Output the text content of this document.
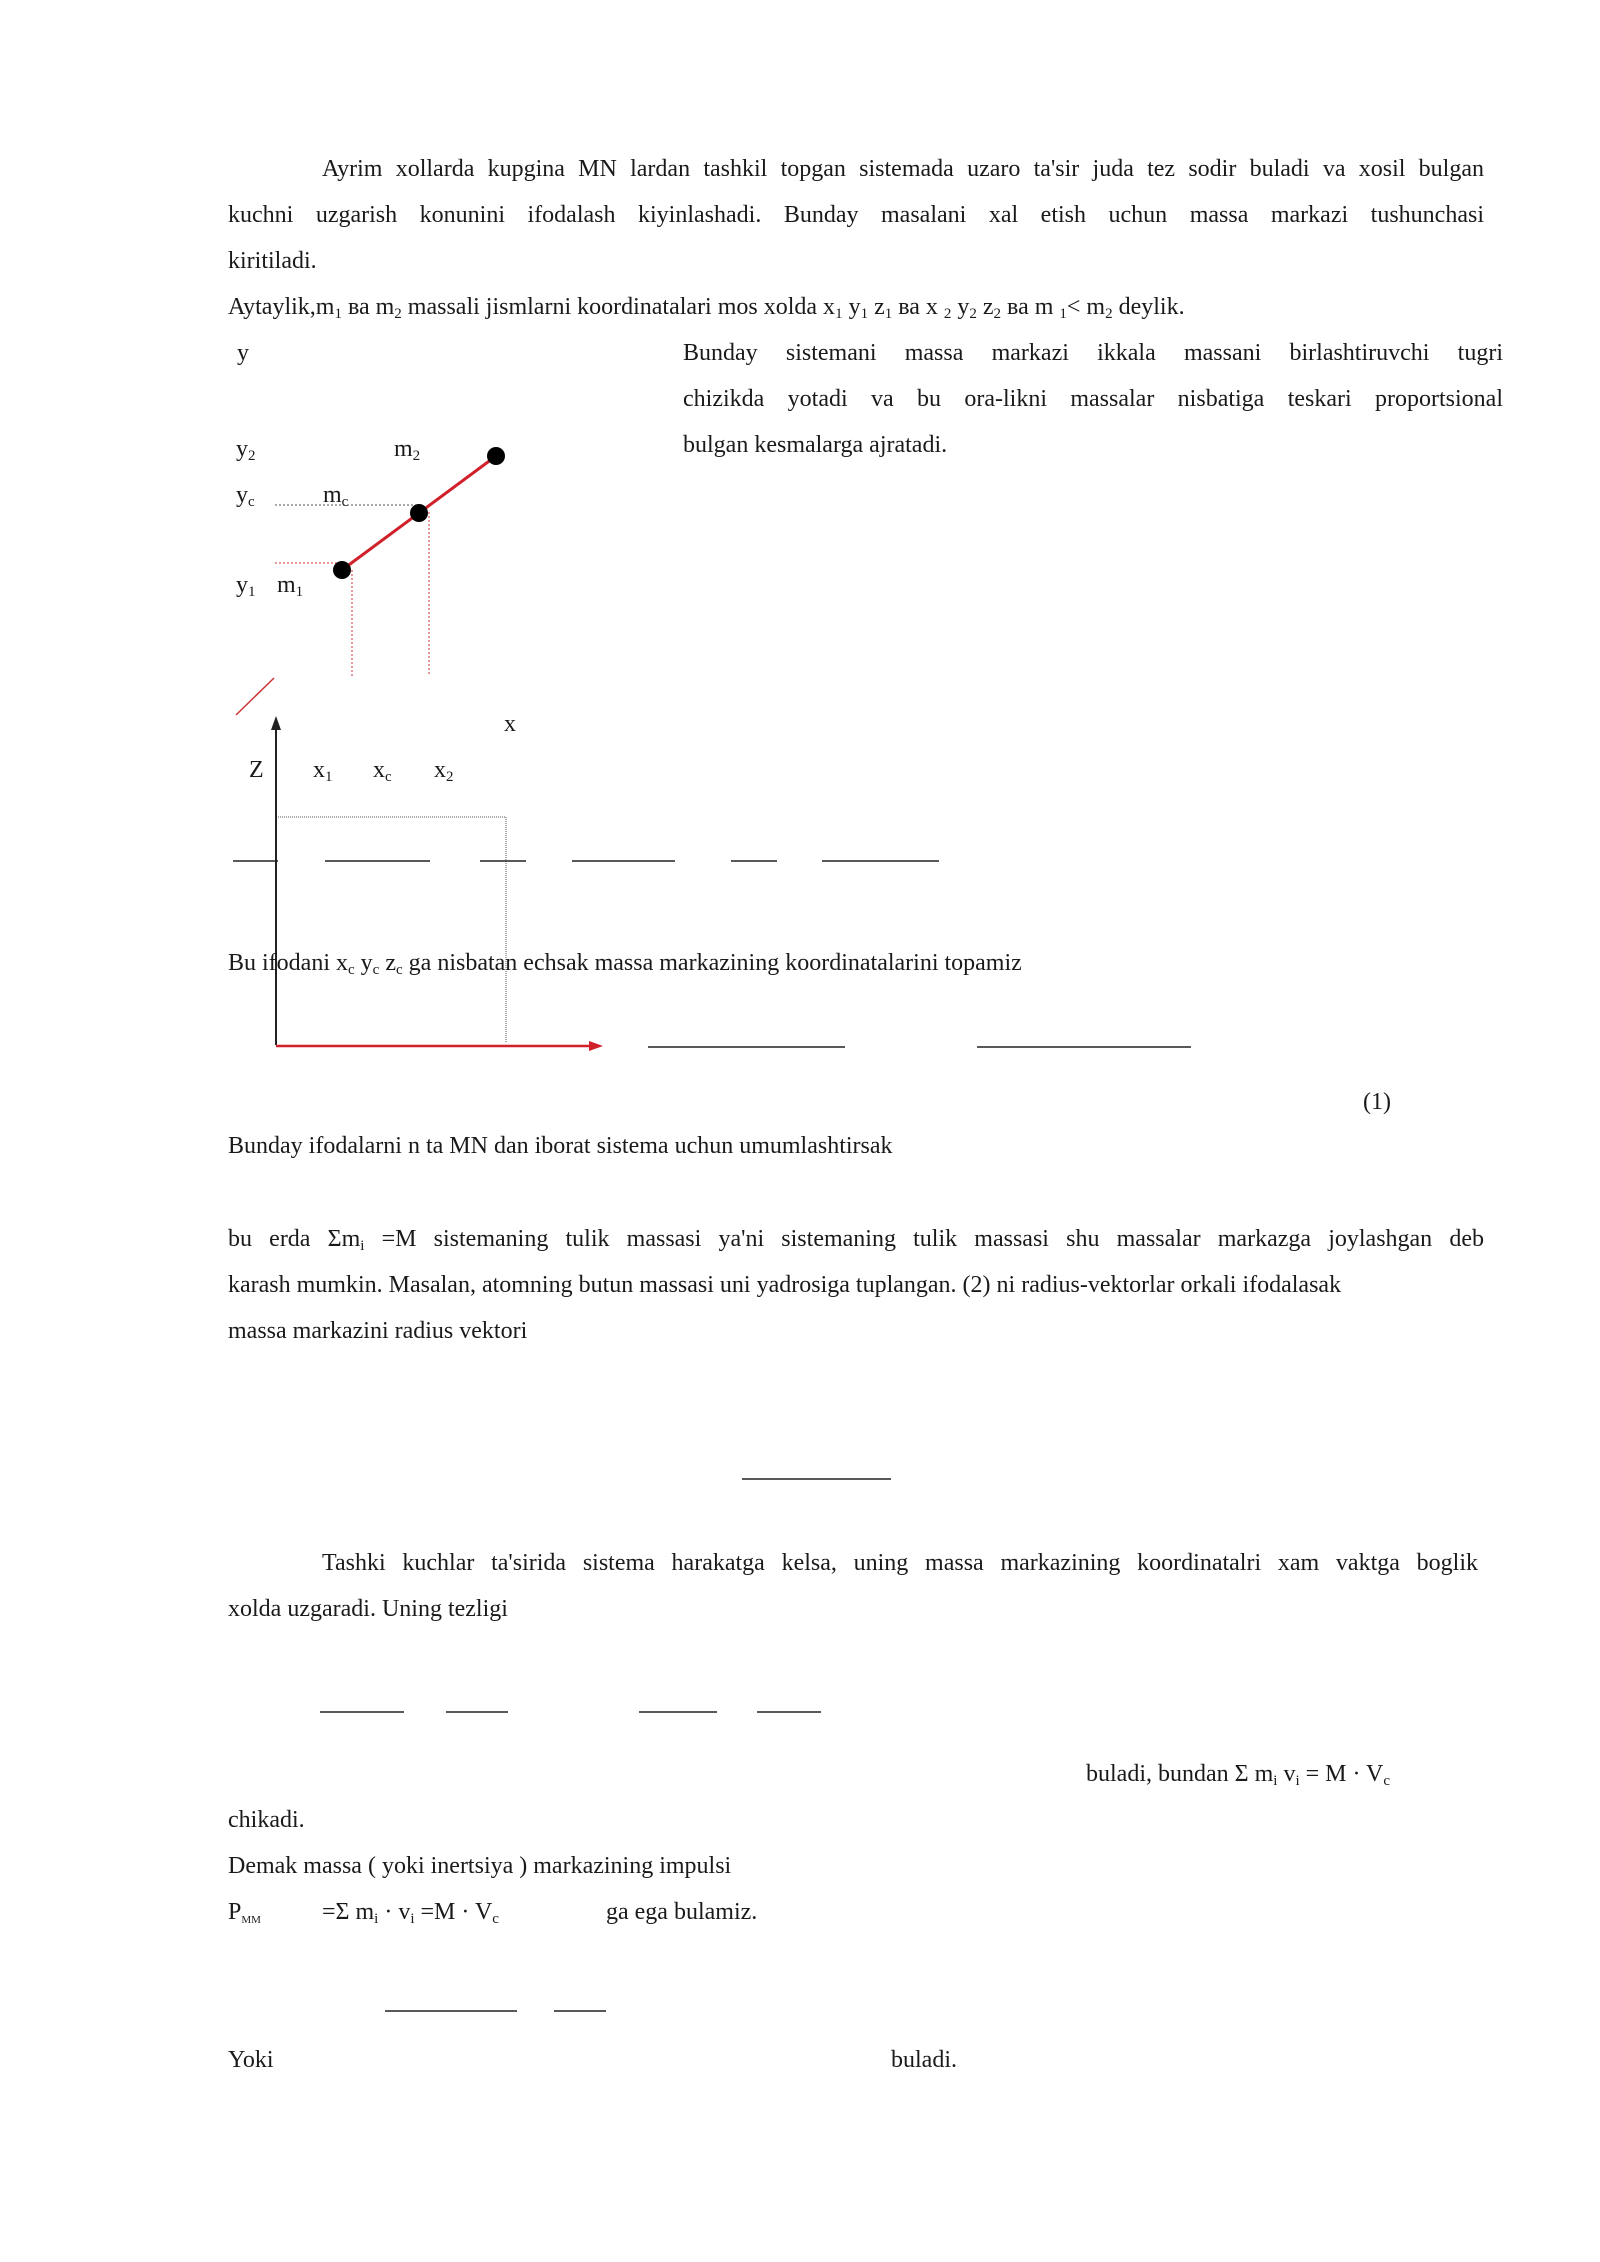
Ayrim xollarda kupgina MN lardan tashkil topgan sistemada uzaro ta'sir juda tez sodir buladi va xosil bulgan
kuchni uzgarish konunini ifodalash kiyinlashadi. Bunday masalani xal etish uchun massa markazi tushunchasi
kiritiladi.
$Aytaylik,m_1$ ва $m_2$ massali jismlarni koordinatalari mos xolda $x_1$ $y_1$ $z_1$ ва x $_2$ $y_2$ $z_2$ ва m $_1< m_2$ deylik.
Bunday sistemani massa markazi ikkala massani birlashtiruvchi tugri
chizikda yotadi va bu ora-likni massalar nisbatiga teskari proportsional
bulgan kesmalarga ajratadi.
y
$y_2$	$m_2$
$y_c$	$m_c$
$y_1$ $m_1$
x
Z $x_1$ $x_c$ $x_2$
Bu ifodani $x_c$ $y_c$ $z_c$ ga nisbatan echsak massa markazining koordinatalarini topamiz
(1)
Bunday ifodalarni n ta MN dan iborat sistema uchun umumlashtirsak
bu erda $\Sigma m_i =M$ sistemaning tulik massasi ya'ni sistemaning tulik massasi shu massalar markazga joylashgan deb
karash mumkin. Masalan, atomning butun massasi uni yadrosiga tuplangan. (2) ni radius-vektorlar orkali ifodalasak
massa markazini radius vektori
Tashki kuchlar ta'sirida sistema harakatga kelsa, uning massa markazining koordinatalri xam vaktga boglik
xolda uzgaradi. Uning tezligi
buladi, bundan Σ $m_i$ $v_i = M \cdot V_c$
chikadi.
Demak massa ( yoki inertsiya ) markazining impulsi
$P_{ММ}$	=Σ $m_i \cdot v_i =M \cdot V_c$	ga ega bulamiz.
Yoki	buladi.
